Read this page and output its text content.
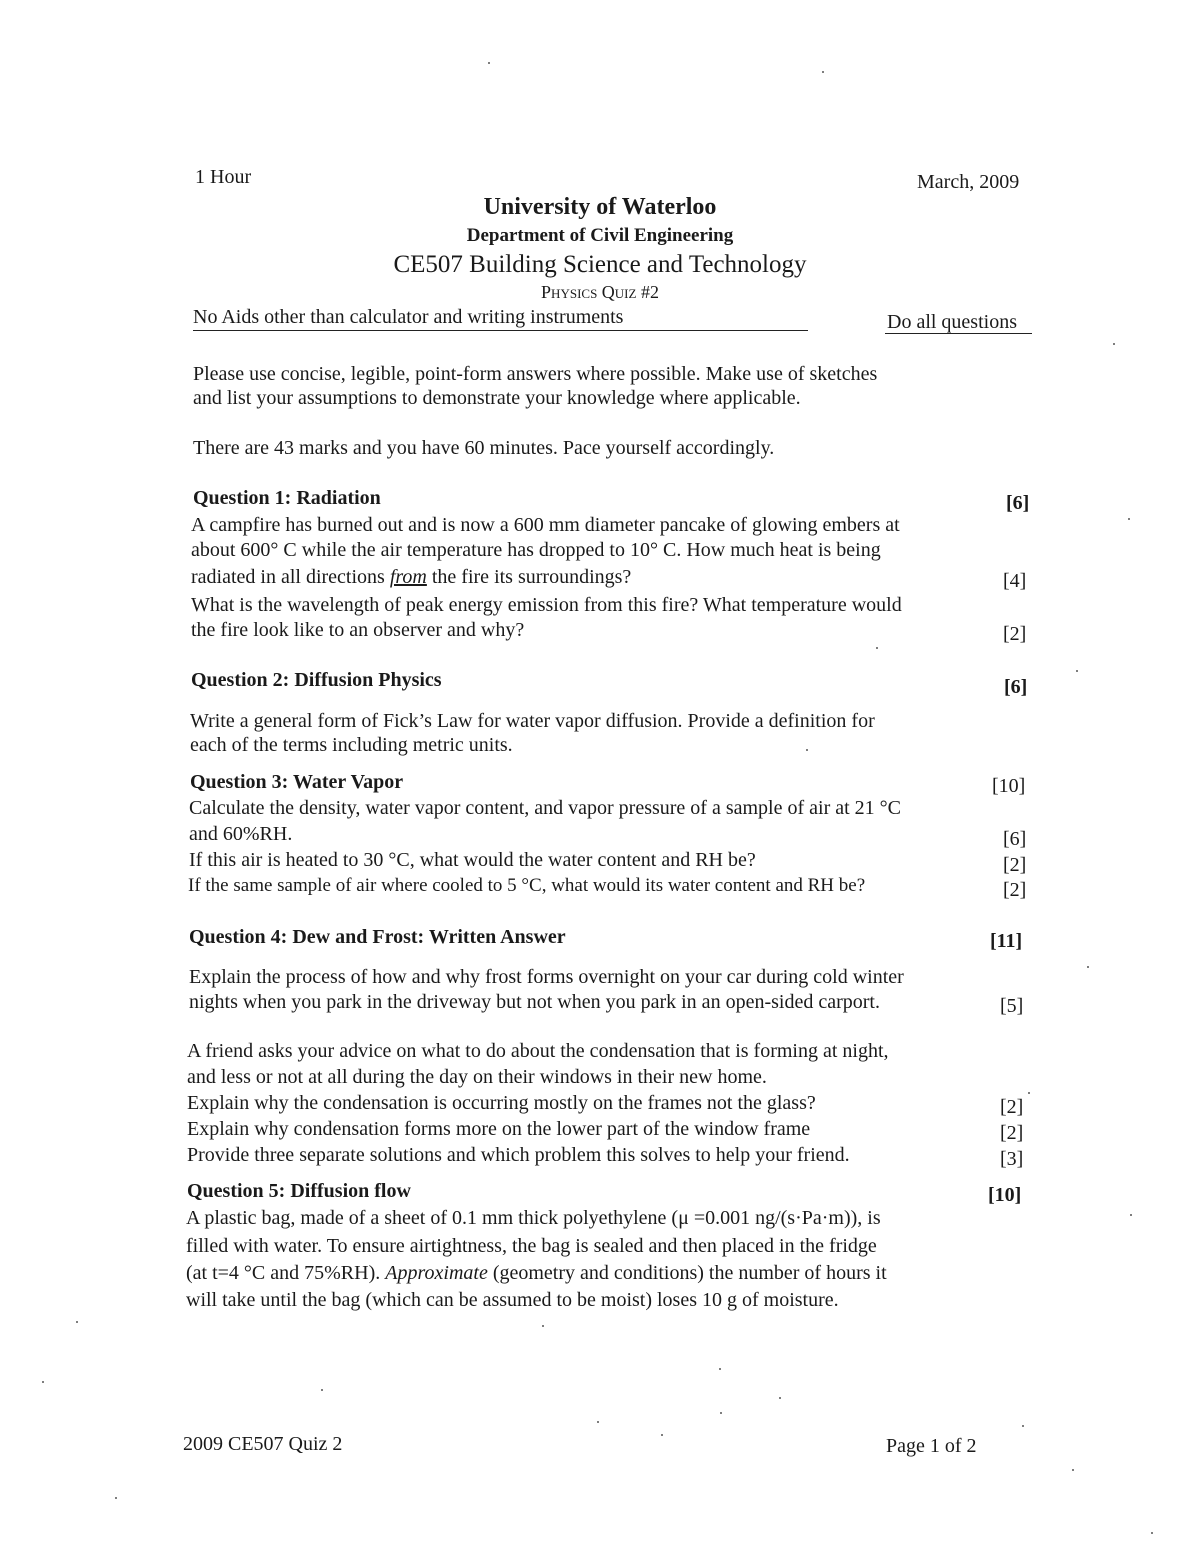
1 Hour	March, 2009
University of Waterloo
Department of Civil Engineering
CE507 Building Science and Technology
Physics Quiz #2
No Aids other than calculator and writing instruments	Do all questions
Please use concise, legible, point-form answers where possible. Make use of sketches
and list your assumptions to demonstrate your knowledge where applicable.
There are 43 marks and you have 60 minutes. Pace yourself accordingly.
Question 1: Radiation	[6]
A campfire has burned out and is now a 600 mm diameter pancake of glowing embers at
about 600° C while the air temperature has dropped to 10° C. How much heat is being
radiated in all directions from the fire its surroundings?	[4]
What is the wavelength of peak energy emission from this fire? What temperature would
the fire look like to an observer and why?	[2]
Question 2: Diffusion Physics	[6]
Write a general form of Fick’s Law for water vapor diffusion. Provide a definition for
each of the terms including metric units.
Question 3: Water Vapor	[10]
Calculate the density, water vapor content, and vapor pressure of a sample of air at 21 °C
and 60%RH.	[6]
If this air is heated to 30 °C, what would the water content and RH be?	[2]
If the same sample of air where cooled to 5 °C, what would its water content and RH be?	[2]
Question 4: Dew and Frost: Written Answer	[11]
Explain the process of how and why frost forms overnight on your car during cold winter
nights when you park in the driveway but not when you park in an open-sided carport.	[5]
A friend asks your advice on what to do about the condensation that is forming at night,
and less or not at all during the day on their windows in their new home.
Explain why the condensation is occurring mostly on the frames not the glass?	[2]
Explain why condensation forms more on the lower part of the window frame	[2]
Provide three separate solutions and which problem this solves to help your friend.	[3]
Question 5: Diffusion flow	[10]
A plastic bag, made of a sheet of 0.1 mm thick polyethylene (μ =0.001 ng/(s·Pa·m)), is
filled with water. To ensure airtightness, the bag is sealed and then placed in the fridge
(at t=4 °C and 75%RH). Approximate (geometry and conditions) the number of hours it
will take until the bag (which can be assumed to be moist) loses 10 g of moisture.
2009 CE507 Quiz 2	Page 1 of 2
